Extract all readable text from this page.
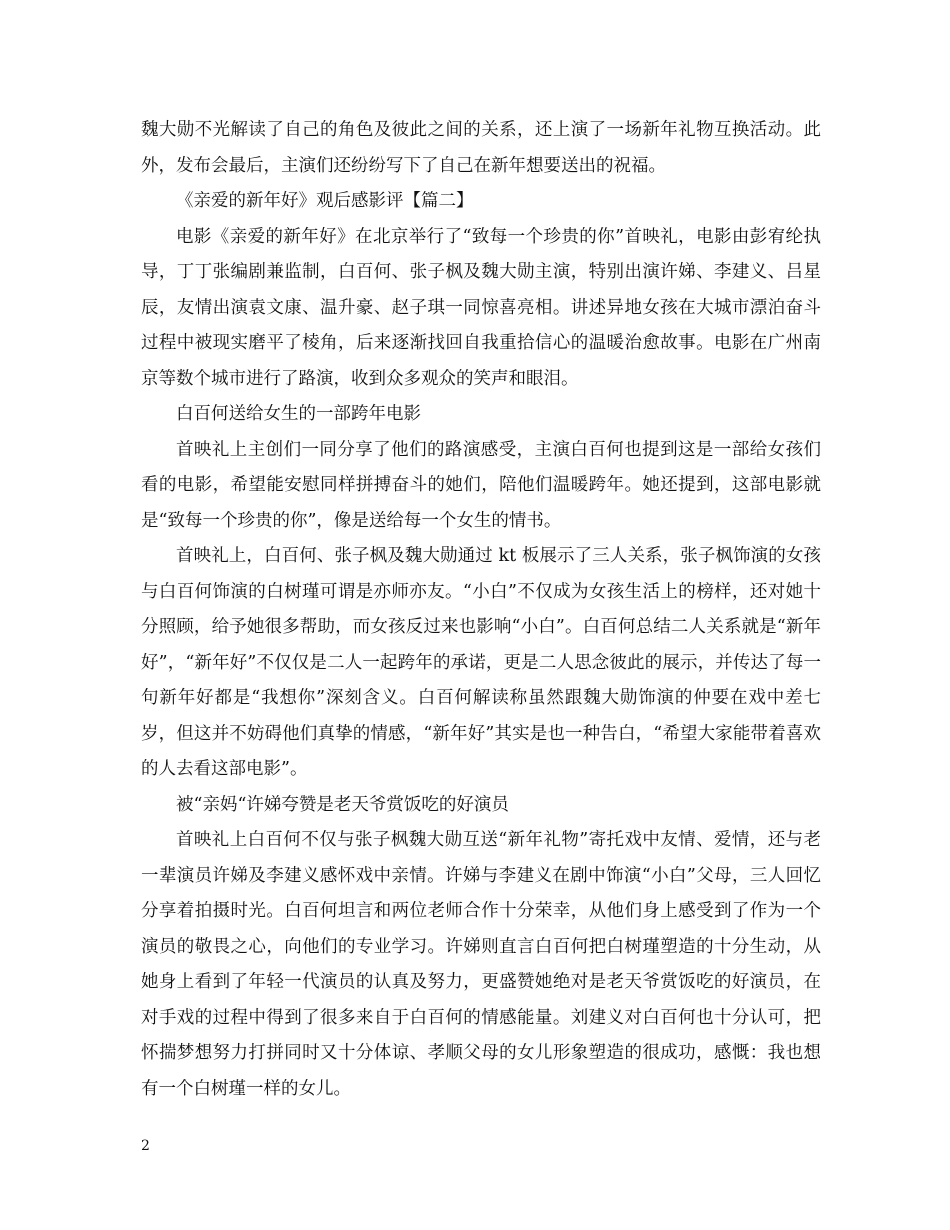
魏大勋不光解读了自己的角色及彼此之间的关系，还上演了一场新年礼物互换活动。此外，发布会最后，主演们还纷纷写下了自己在新年想要送出的祝福。

《亲爱的新年好》观后感影评【篇二】

电影《亲爱的新年好》在北京举行了“致每一个珍贵的你”首映礼，电影由彭宥纶执导，丁丁张编剧兼监制，白百何、张子枫及魏大勋主演，特别出演许娣、李建义、吕星辰，友情出演袁文康、温升豪、赵子琪一同惊喜亮相。讲述异地女孩在大城市漂泊奋斗过程中被现实磨平了棱角，后来逐渐找回自我重拾信心的温暖治愈故事。电影在广州南京等数个城市进行了路演，收到众多观众的笑声和眼泪。

白百何送给女生的一部跨年电影

首映礼上主创们一同分享了他们的路演感受，主演白百何也提到这是一部给女孩们看的电影，希望能安慰同样拼搏奋斗的她们，陪他们温暖跨年。她还提到，这部电影就是“致每一个珍贵的你”，像是送给每一个女生的情书。

首映礼上，白百何、张子枫及魏大勋通过 kt 板展示了三人关系，张子枫饰演的女孩与白百何饰演的白树瑾可谓是亦师亦友。“小白”不仅成为女孩生活上的榜样，还对她十分照顾，给予她很多帮助，而女孩反过来也影响“小白”。白百何总结二人关系就是“新年好”，“新年好”不仅仅是二人一起跨年的承诺，更是二人思念彼此的展示，并传达了每一句新年好都是“我想你”深刻含义。白百何解读称虽然跟魏大勋饰演的仲要在戏中差七岁，但这并不妨碍他们真挚的情感，“新年好”其实是也一种告白，“希望大家能带着喜欢的人去看这部电影”。

被“亲妈“许娣夸赞是老天爷赏饭吃的好演员

首映礼上白百何不仅与张子枫魏大勋互送“新年礼物”寄托戏中友情、爱情，还与老一辈演员许娣及李建义感怀戏中亲情。许娣与李建义在剧中饰演“小白”父母，三人回忆分享着拍摄时光。白百何坦言和两位老师合作十分荣幸，从他们身上感受到了作为一个演员的敬畏之心，向他们的专业学习。许娣则直言白百何把白树瑾塑造的十分生动，从她身上看到了年轻一代演员的认真及努力，更盛赞她绝对是老天爷赏饭吃的好演员，在对手戏的过程中得到了很多来自于白百何的情感能量。刘建义对白百何也十分认可，把怀揣梦想努力打拼同时又十分体谅、孝顺父母的女儿形象塑造的很成功，感慨：我也想有一个白树瑾一样的女儿。

2
